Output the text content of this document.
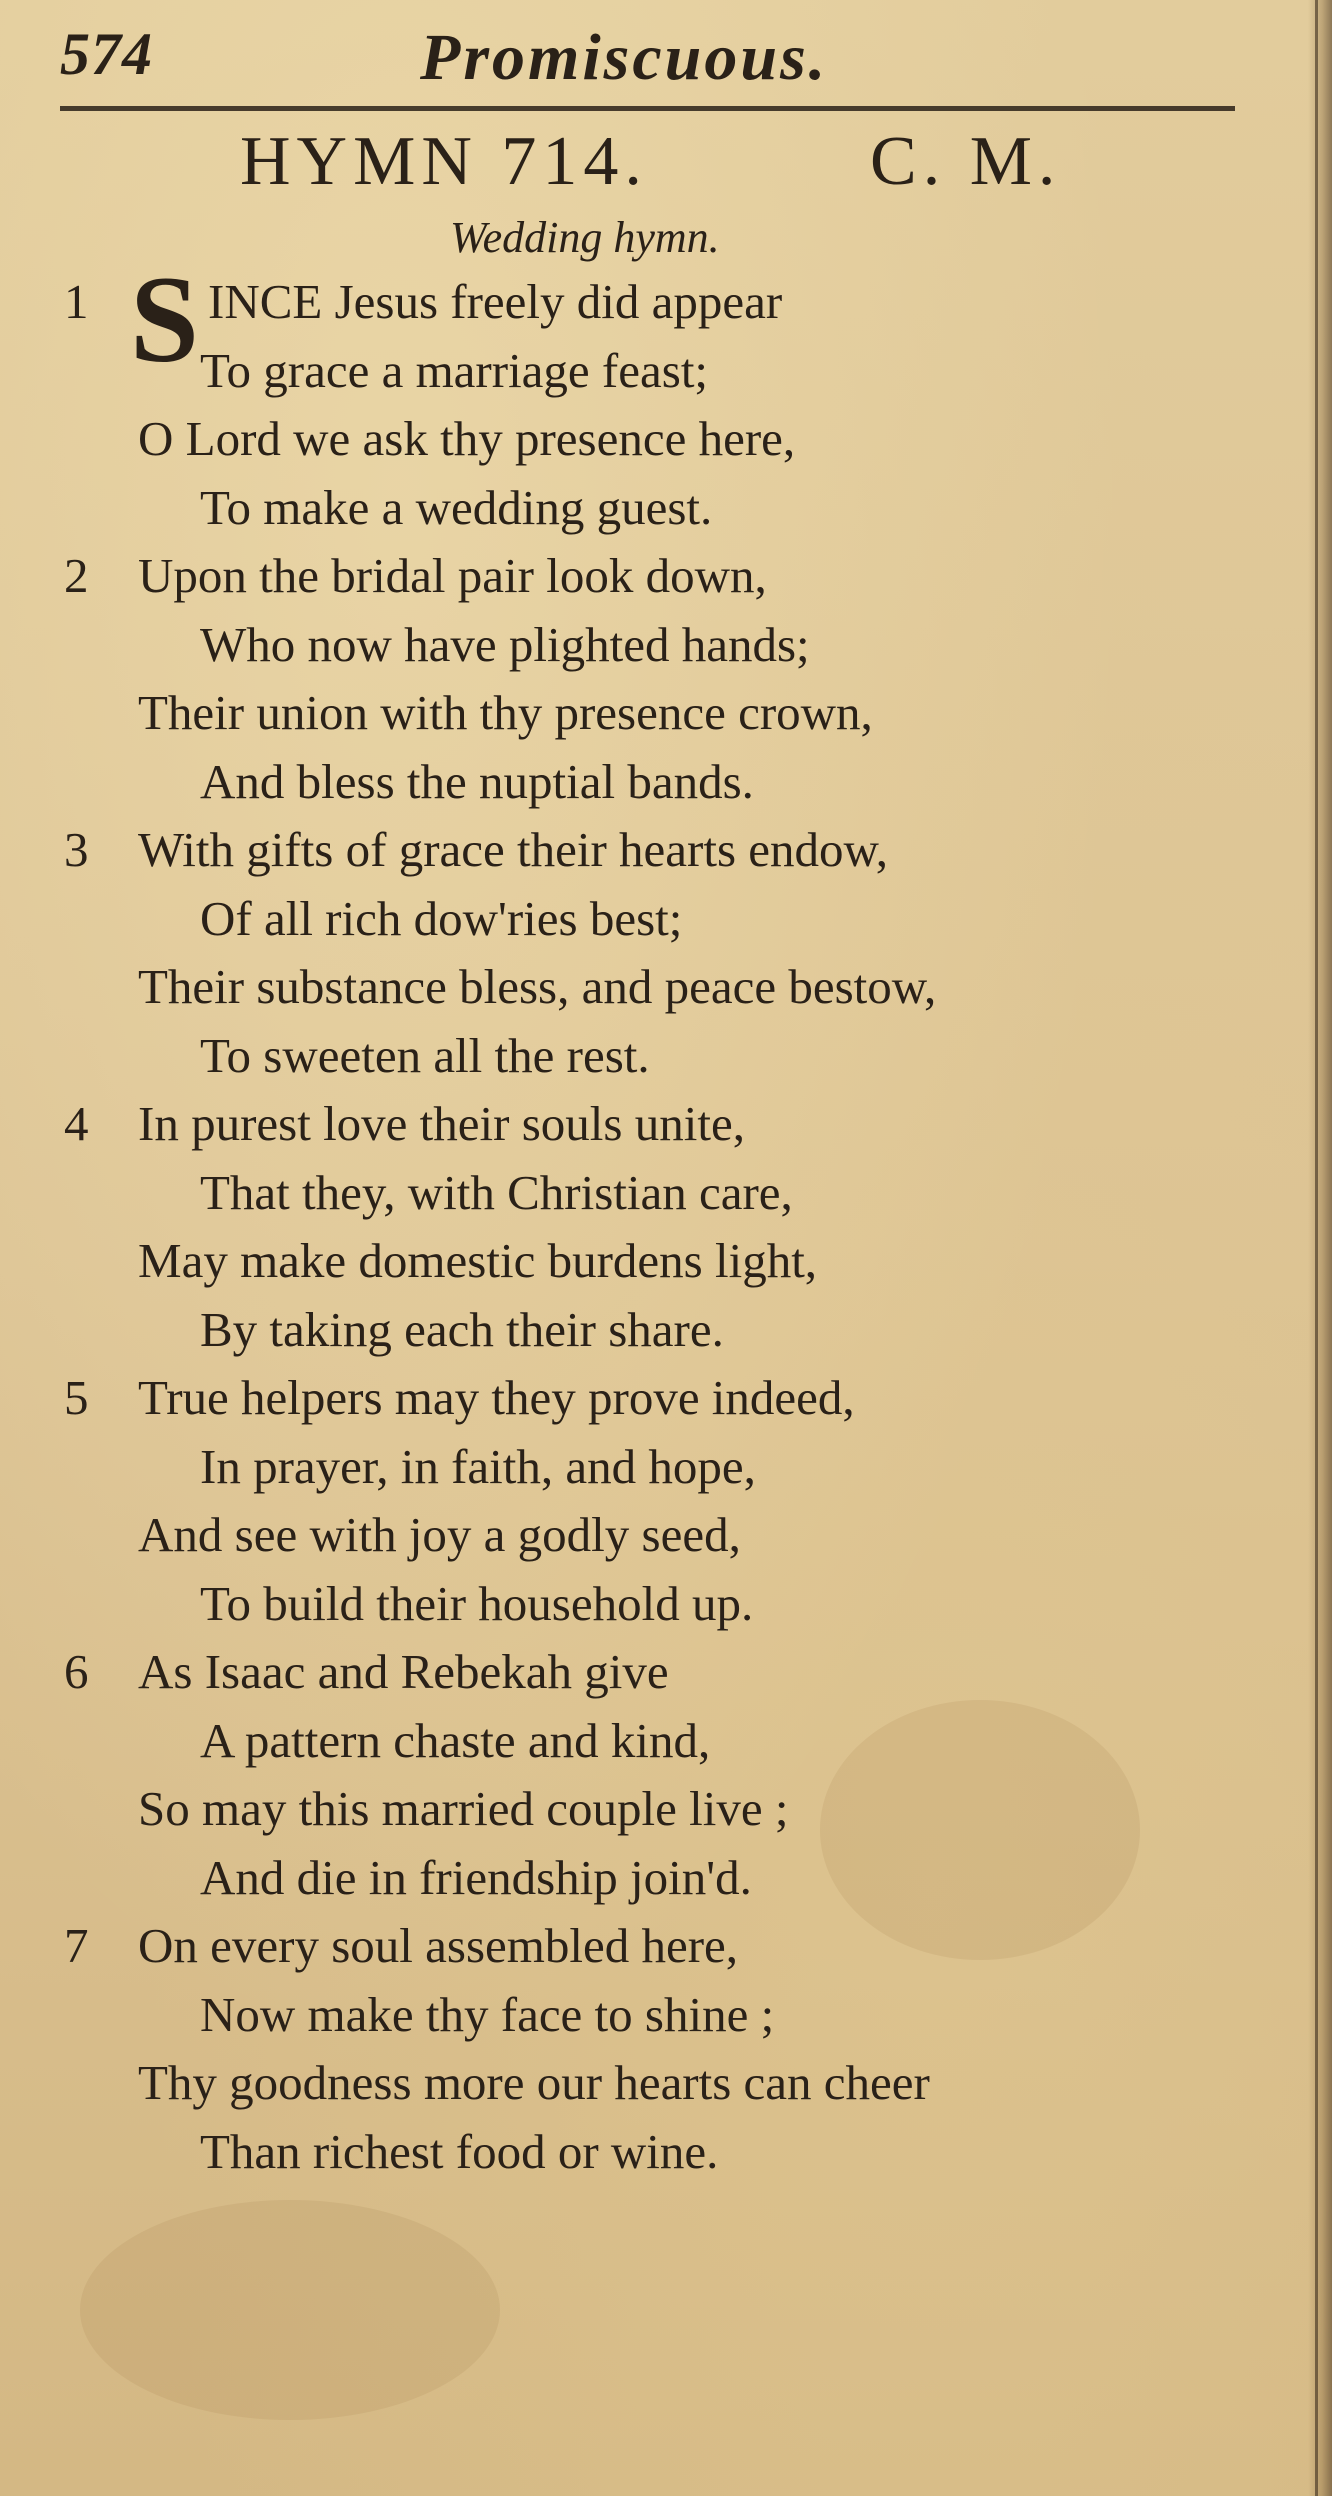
574	Promiscuous.
HYMN 714.	C. M.
Wedding hymn.
1 S INCE Jesus freely did appear
To grace a marriage feast;
O Lord we ask thy presence here,
To make a wedding guest.
2 Upon the bridal pair look down,
Who now have plighted hands;
Their union with thy presence crown,
And bless the nuptial bands.
3 With gifts of grace their hearts endow,
Of all rich dow'ries best;
Their substance bless, and peace bestow,
To sweeten all the rest.
4 In purest love their souls unite,
That they, with Christian care,
May make domestic burdens light,
By taking each their share.
5 True helpers may they prove indeed,
In prayer, in faith, and hope,
And see with joy a godly seed,
To build their household up.
6 As Isaac and Rebekah give
A pattern chaste and kind,
So may this married couple live ;
And die in friendship join'd.
7 On every soul assembled here,
Now make thy face to shine ;
Thy goodness more our hearts can cheer
Than richest food or wine.
